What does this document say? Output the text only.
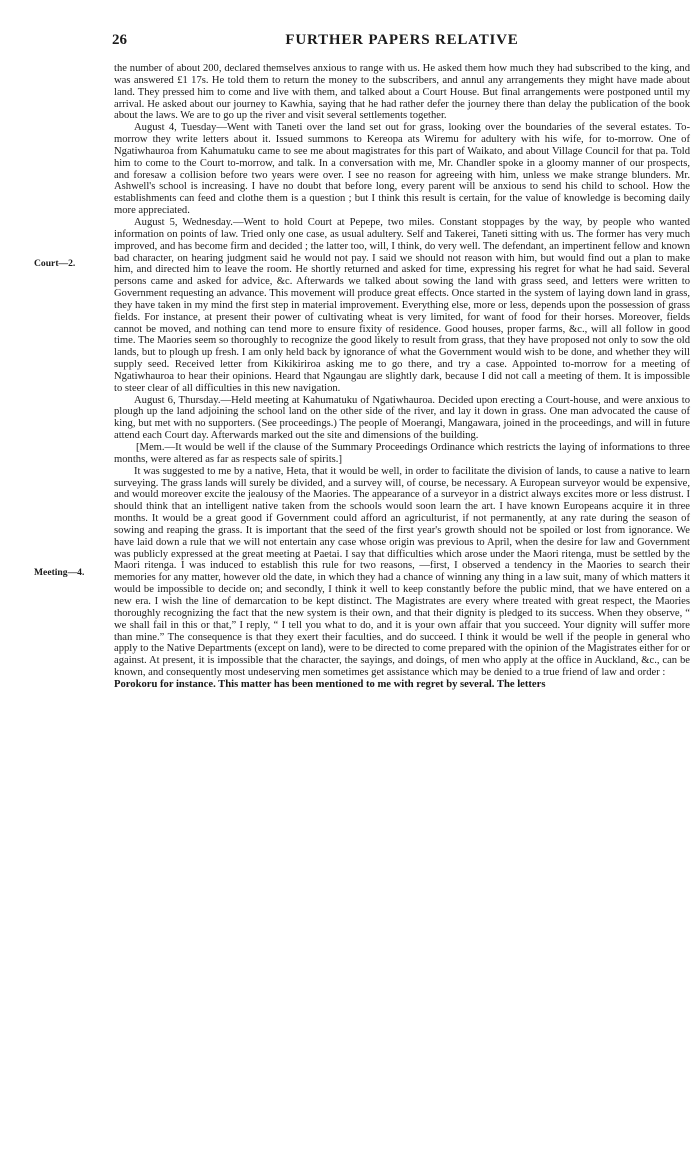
26	FURTHER PAPERS RELATIVE
Court—2.
Meeting—4.

the number of about 200, declared themselves anxious to range with us. He asked them how much they had subscribed to the king, and was answered £1 17s. He told them to return the money to the subscribers, and annul any arrangements they might have made about land. They pressed him to come and live with them, and talked about a Court House. But final arrangements were postponed until my arrival. He asked about our journey to Kawhia, saying that he had rather defer the journey there than delay the publication of the book about the laws. We are to go up the river and visit several settlements together.

August 4, Tuesday—Went with Taneti over the land set out for grass, looking over the boundaries of the several estates. To-morrow they write letters about it. Issued summons to Kereopa ats Wiremu for adultery with his wife, for to-morrow. One of Ngatiwhauroa from Kahumatuku came to see me about magistrates for this part of Waikato, and about Village Council for that pa. Told him to come to the Court to-morrow, and talk. In a conversation with me, Mr. Chandler spoke in a gloomy manner of our prospects, and foresaw a collision before two years were over. I see no reason for agreeing with him, unless we make strange blunders. Mr. Ashwell's school is increasing. I have no doubt that before long, every parent will be anxious to send his child to school. How the establishments can feed and clothe them is a question ; but I think this result is certain, for the value of knowledge is becoming daily more appreciated.

August 5, Wednesday.—Went to hold Court at Pepepe, two miles. Constant stoppages by the way, by people who wanted information on points of law. Tried only one case, as usual adultery. Self and Takerei, Taneti sitting with us. The former has very much improved, and has become firm and decided ; the latter too, will, I think, do very well. The defendant, an impertinent fellow and known bad character, on hearing judgment said he would not pay. I said we should not reason with him, but would find out a plan to make him, and directed him to leave the room. He shortly returned and asked for time, expressing his regret for what he had said. Several persons came and asked for advice, &c. Afterwards we talked about sowing the land with grass seed, and letters were written to Government requesting an advance. This movement will produce great effects. Once started in the system of laying down land in grass, they have taken in my mind the first step in material improvement. Everything else, more or less, depends upon the possession of grass fields. For instance, at present their power of cultivating wheat is very limited, for want of food for their horses. Moreover, fields cannot be moved, and nothing can tend more to ensure fixity of residence. Good houses, proper farms, &c., will all follow in good time. The Maories seem so thoroughly to recognize the good likely to result from grass, that they have proposed not only to sow the old lands, but to plough up fresh. I am only held back by ignorance of what the Government would wish to be done, and whether they will supply seed. Received letter from Kikikiriroa asking me to go there, and try a case. Appointed to-morrow for a meeting of Ngatiwhauroa to hear their opinions. Heard that Ngaungau are slightly dark, because I did not call a meeting of them. It is impossible to steer clear of all difficulties in this new navigation.

August 6, Thursday.—Held meeting at Kahumatuku of Ngatiwhauroa. Decided upon erecting a Court-house, and were anxious to plough up the land adjoining the school land on the other side of the river, and lay it down in grass. One man advocated the cause of king, but met with no supporters. (See proceedings.) The people of Moerangi, Mangawara, joined in the proceedings, and will in future attend each Court day. Afterwards marked out the site and dimensions of the building.

[Mem.—It would be well if the clause of the Summary Proceedings Ordinance which restricts the laying of informations to three months, were altered as far as respects sale of spirits.]

It was suggested to me by a native, Heta, that it would be well, in order to facilitate the division of lands, to cause a native to learn surveying. The grass lands will surely be divided, and a survey will, of course, be necessary. A European surveyor would be expensive, and would moreover excite the jealousy of the Maories. The appearance of a surveyor in a district always excites more or less distrust. I should think that an intelligent native taken from the schools would soon learn the art. I have known Europeans acquire it in three months. It would be a great good if Government could afford an agriculturist, if not permanently, at any rate during the season of sowing and reaping the grass. It is important that the seed of the first year's growth should not be spoiled or lost from ignorance. We have laid down a rule that we will not entertain any case whose origin was previous to April, when the desire for law and Government was publicly expressed at the great meeting at Paetai. I say that difficulties which arose under the Maori ritenga, must be settled by the Maori ritenga. I was induced to establish this rule for two reasons, —first, I observed a tendency in the Maories to search their memories for any matter, however old the date, in which they had a chance of winning any thing in a law suit, many of which matters it would be impossible to decide on; and secondly, I think it well to keep constantly before the public mind, that we have entered on a new era. I wish the line of demarcation to be kept distinct. The Magistrates are every where treated with great respect, the Maories thoroughly recognizing the fact that the new system is their own, and that their dignity is pledged to its success. When they observe, “ we shall fail in this or that,” I reply, “ I tell you what to do, and it is your own affair that you succeed. Your dignity will suffer more than mine.” The consequence is that they exert their faculties, and do succeed. I think it would be well if the people in general who apply to the Native Departments (except on land), were to be directed to come prepared with the opinion of the Magistrates either for or against. At present, it is impossible that the character, the sayings, and doings, of men who apply at the office in Auckland, &c., can be known, and consequently most undeserving men sometimes get assistance which may be denied to a true friend of law and order :

Porokoru for instance. This matter has been mentioned to me with regret by several. The letters
